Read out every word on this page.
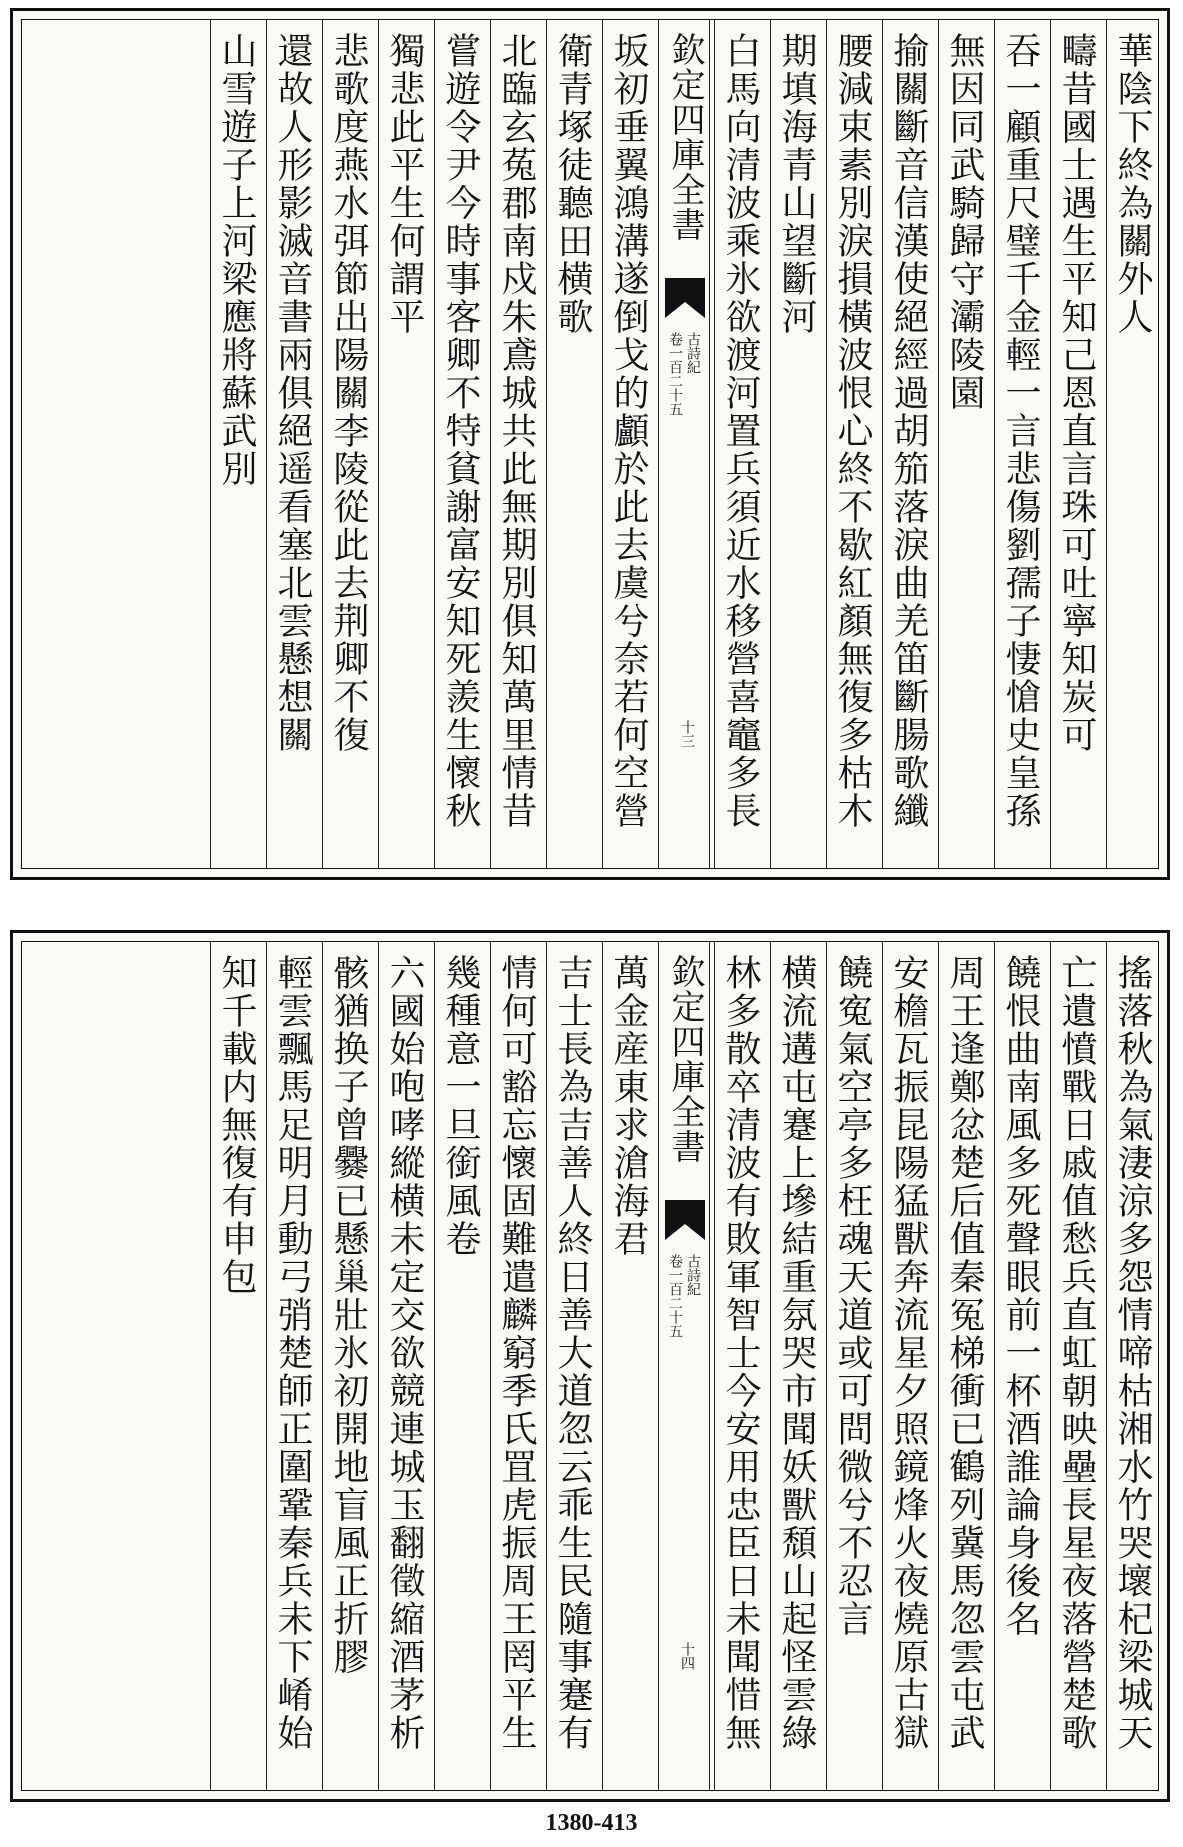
華陰下終為關外人
疇昔國士遇生平知己恩直言珠可吐寧知炭可
吞一顧重尺璧千金輕一言悲傷劉孺子悽愴史皇孫
無因同武騎歸守灞陵園
揄關斷音信漢使絕經過胡笳落淚曲羌笛斷腸歌纖
腰減束素別淚損橫波恨心終不歇紅顏無復多枯木
期填海青山望斷河
白馬向清波乘氷欲渡河置兵須近水移營喜竈多長
欽定四庫全書
古詩紀
卷一百二十五
十三
坂初垂翼鴻溝遂倒戈的顱於此去虞兮奈若何空營
衛青塚徒聽田横歌
北臨玄菟郡南戍朱鳶城共此無期別俱知萬里情昔
嘗遊令尹今時事客卿不特貧謝富安知死羨生懷秋
獨悲此平生何謂平
悲歌度燕水弭節出陽關李陵從此去荆卿不復
還故人形影滅音書兩俱絕遥看塞北雲懸想關
山雪遊子上河梁應將蘇武別
搖落秋為氣淒涼多怨情啼枯湘水竹哭壞杞梁城天
亡遺憤戰日戚值愁兵直虹朝映壘長星夜落營楚歌
饒恨曲南風多死聲眼前一杯酒誰論身後名
周王逢鄭忿楚后值秦冤梯衝已鶴列冀馬忽雲屯武
安檐瓦振昆陽猛獸奔流星夕照鏡烽火夜燒原古獄
饒寃氣空亭多枉魂天道或可問微兮不忍言
横流遘屯蹇上墋結重氛哭市聞妖獸頹山起怪雲綠
林多散卒清波有敗軍智士今安用忠臣日未聞惜無
欽定四庫全書
古詩紀
卷一百二十五
十四
萬金産東求滄海君
吉士長為吉善人終日善大道忽云乖生民隨事蹇有
情何可豁忘懷固難遣麟窮季氏罝虎振周王罔平生
幾種意一旦銜風卷
六國始咆哮縱横未定交欲競連城玉翻徵縮酒茅析
骸猶换子曾爨已懸巢壯氷初開地盲風正折膠
輕雲飄馬足明月動弓弰楚師正圍鞏秦兵未下崤始
知千載内無復有申包
1380-413
